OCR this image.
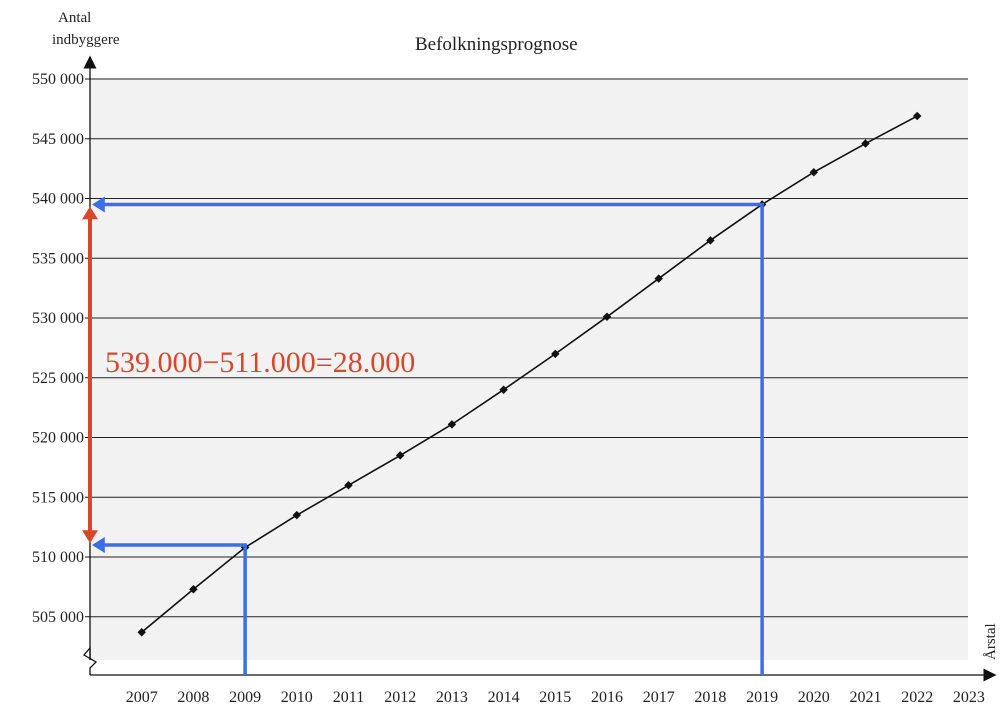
505 000
510 000
515 000
520 000
525 000
530 000
535 000
540 000
545 000
550 000
2007 2008 2009 2010 2011 2012 2013 2014 2015 2016 2017 2018 2019 2020 2021 2022 2023
Befolkningsprognose
Antal
indbyggere
Årstal
539.000−511.000=28.000
